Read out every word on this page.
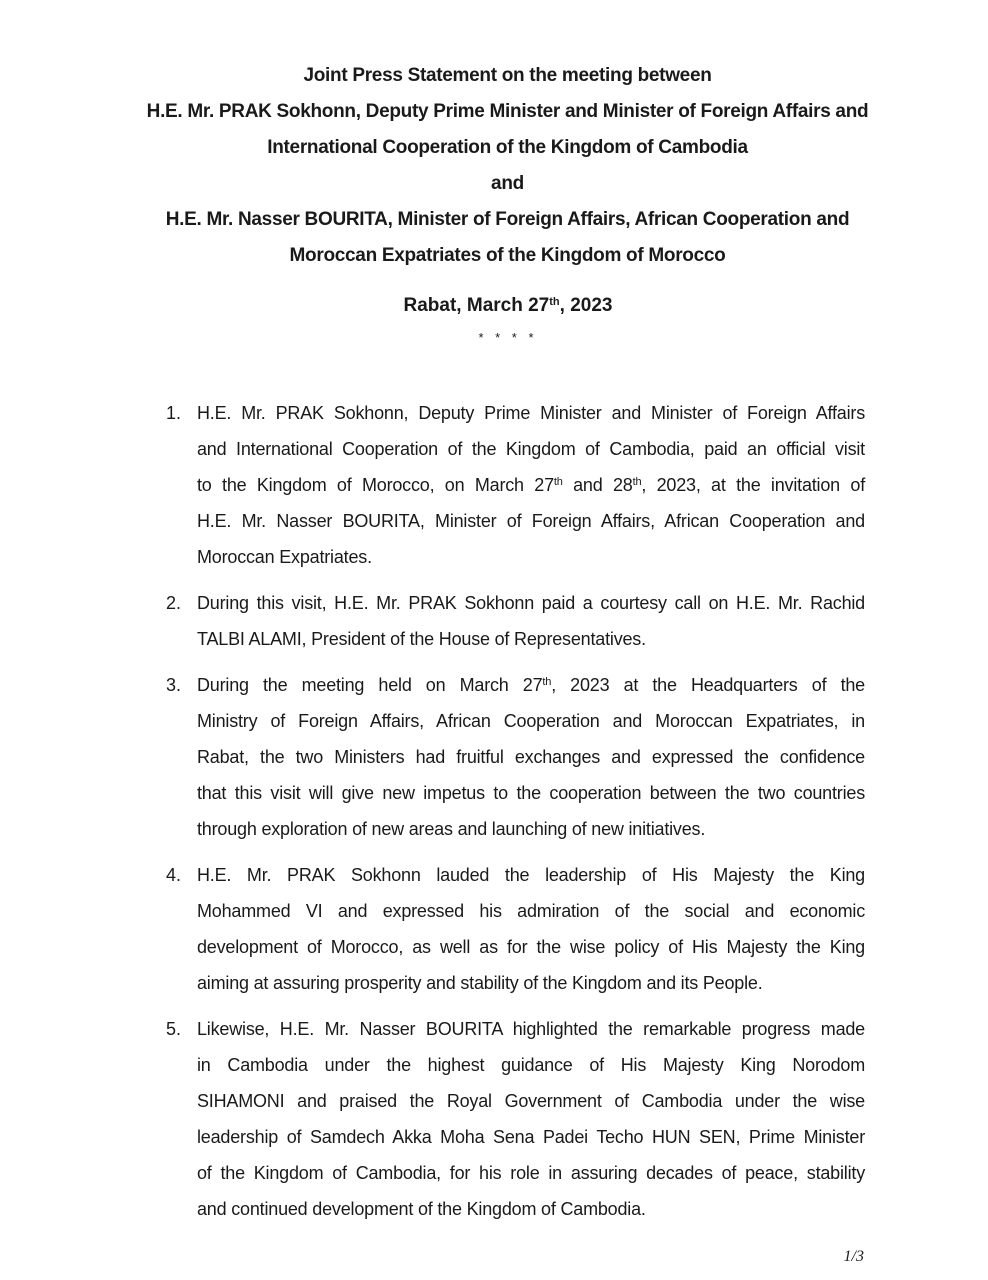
Joint Press Statement on the meeting between
H.E. Mr. PRAK Sokhonn, Deputy Prime Minister and Minister of Foreign Affairs and
International Cooperation of the Kingdom of Cambodia
and
H.E. Mr. Nasser BOURITA, Minister of Foreign Affairs, African Cooperation and
Moroccan Expatriates of the Kingdom of Morocco
Rabat, March 27th, 2023
* * * *
1. H.E. Mr. PRAK Sokhonn, Deputy Prime Minister and Minister of Foreign Affairs
and International Cooperation of the Kingdom of Cambodia, paid an official visit
to the Kingdom of Morocco, on March 27th and 28th, 2023, at the invitation of
H.E. Mr. Nasser BOURITA, Minister of Foreign Affairs, African Cooperation and
Moroccan Expatriates.
2. During this visit, H.E. Mr. PRAK Sokhonn paid a courtesy call on H.E. Mr. Rachid
TALBI ALAMI, President of the House of Representatives.
3. During the meeting held on March 27th, 2023 at the Headquarters of the
Ministry of Foreign Affairs, African Cooperation and Moroccan Expatriates, in
Rabat, the two Ministers had fruitful exchanges and expressed the confidence
that this visit will give new impetus to the cooperation between the two countries
through exploration of new areas and launching of new initiatives.
4. H.E. Mr. PRAK Sokhonn lauded the leadership of His Majesty the King
Mohammed VI and expressed his admiration of the social and economic
development of Morocco, as well as for the wise policy of His Majesty the King
aiming at assuring prosperity and stability of the Kingdom and its People.
5. Likewise, H.E. Mr. Nasser BOURITA highlighted the remarkable progress made
in Cambodia under the highest guidance of His Majesty King Norodom
SIHAMONI and praised the Royal Government of Cambodia under the wise
leadership of Samdech Akka Moha Sena Padei Techo HUN SEN, Prime Minister
of the Kingdom of Cambodia, for his role in assuring decades of peace, stability
and continued development of the Kingdom of Cambodia.
1/3
